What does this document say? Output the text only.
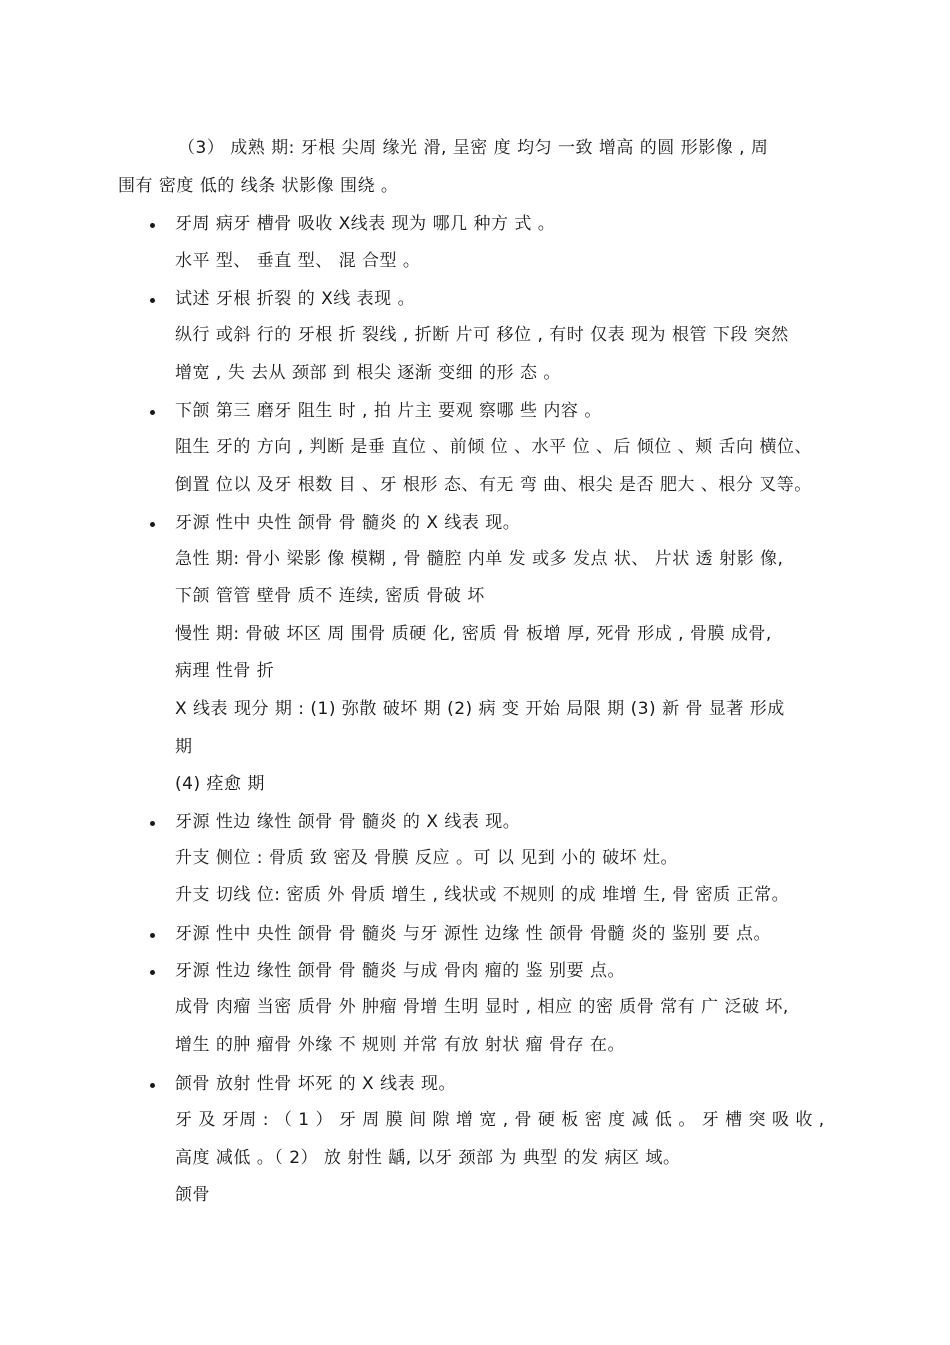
（3） 成熟 期: 牙根 尖周 缘光 滑, 呈密 度 均匀 一致 增高 的圆 形影像 , 周
围有 密度 低的 线条 状影像 围绕 。
牙周 病牙 槽骨 吸收 X线表 现为 哪几 种方 式 。
水平 型、 垂直 型、 混 合型 。
试述 牙根 折裂 的 X线 表现 。
纵行 或斜 行的 牙根 折 裂线 , 折断 片可 移位 , 有时 仅表 现为 根管 下段 突然
增宽 , 失 去从 颈部 到 根尖 逐渐 变细 的形 态 。
下颌 第三 磨牙 阻生 时 , 拍 片主 要观 察哪 些 内容 。
阻生 牙的 方向 , 判断 是垂 直位 、前倾 位 、水平 位 、后 倾位 、颊 舌向 横位、
倒置 位以 及牙 根数 目 、牙 根形 态、有无 弯 曲、根尖 是否 肥大 、根分 叉等。
牙源 性中 央性 颌骨 骨 髓炎 的 X 线表 现。
急性 期: 骨小 梁影 像 模糊 , 骨 髓腔 内单 发 或多 发点 状、 片状 透 射影 像,
下颌 管管 壁骨 质不 连续, 密质 骨破 坏
慢性 期: 骨破 坏区 周 围骨 质硬 化, 密质 骨 板增 厚, 死骨 形成 , 骨膜 成骨,
病理 性骨 折
X 线表 现分 期 : (1) 弥散 破坏 期 (2) 病 变 开始 局限 期 (3) 新 骨 显著 形成
期
(4) 痊愈 期
牙源 性边 缘性 颌骨 骨 髓炎 的 X 线表 现。
升支 侧位 : 骨质 致 密及 骨膜 反应 。可 以 见到 小的 破坏 灶。
升支 切线 位: 密质 外 骨质 增生 , 线状或 不规则 的成 堆增 生, 骨 密质 正常。
牙源 性中 央性 颌骨 骨 髓炎 与牙 源性 边缘 性 颌骨 骨髓 炎的 鉴别 要 点。
牙源 性边 缘性 颌骨 骨 髓炎 与成 骨肉 瘤的 鉴 别要 点。
成骨 肉瘤 当密 质骨 外 肿瘤 骨增 生明 显时 , 相应 的密 质骨 常有 广 泛破 坏,
增生 的肿 瘤骨 外缘 不 规则 并常 有放 射状 瘤 骨存 在。
颌骨 放射 性骨 坏死 的 X 线表 现。
牙 及 牙周 : （ 1 ） 牙 周 膜 间 隙 增 宽 , 骨 硬 板 密 度 减 低 。 牙 槽 突 吸 收 ,
高度 减低 。（ 2） 放 射性 龋, 以牙 颈部 为 典型 的发 病区 域。
颌骨
